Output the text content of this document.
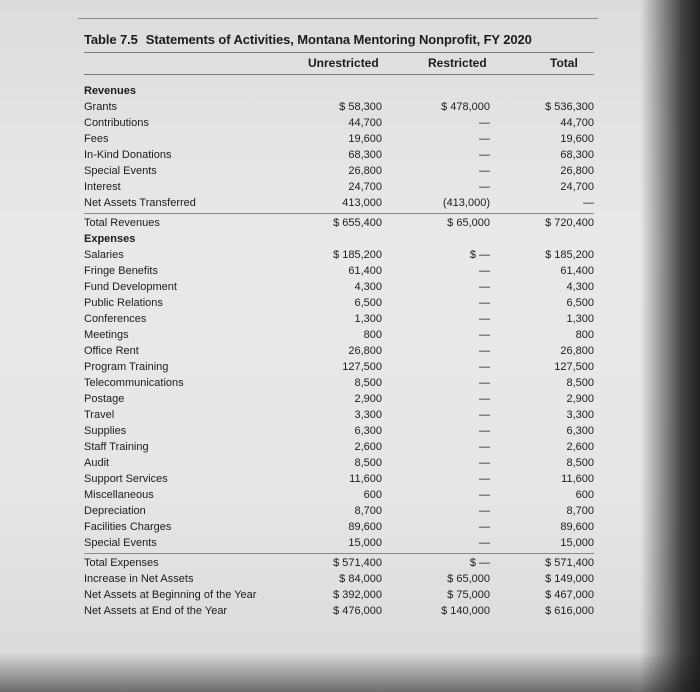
Table 7.5 Statements of Activities, Montana Mentoring Nonprofit, FY 2020
Unrestricted	Restricted	Total
Revenues
Grants	$ 58,300	$ 478,000	$ 536,300
Contributions	44,700	—	44,700
Fees	19,600	—	19,600
In-Kind Donations	68,300	—	68,300
Special Events	26,800	—	26,800
Interest	24,700	—	24,700
Net Assets Transferred	413,000	(413,000)	—
Total Revenues	$ 655,400	$ 65,000	$ 720,400
Expenses
Salaries	$ 185,200	$ —	$ 185,200
Fringe Benefits	61,400	—	61,400
Fund Development	4,300	—	4,300
Public Relations	6,500	—	6,500
Conferences	1,300	—	1,300
Meetings	800	—	800
Office Rent	26,800	—	26,800
Program Training	127,500	—	127,500
Telecommunications	8,500	—	8,500
Postage	2,900	—	2,900
Travel	3,300	—	3,300
Supplies	6,300	—	6,300
Staff Training	2,600	—	2,600
Audit	8,500	—	8,500
Support Services	11,600	—	11,600
Miscellaneous	600	—	600
Depreciation	8,700	—	8,700
Facilities Charges	89,600	—	89,600
Special Events	15,000	—	15,000
Total Expenses	$ 571,400	$ —	$ 571,400
Increase in Net Assets	$ 84,000	$ 65,000	$ 149,000
Net Assets at Beginning of the Year	$ 392,000	$ 75,000	$ 467,000
Net Assets at End of the Year	$ 476,000	$ 140,000	$ 616,000
